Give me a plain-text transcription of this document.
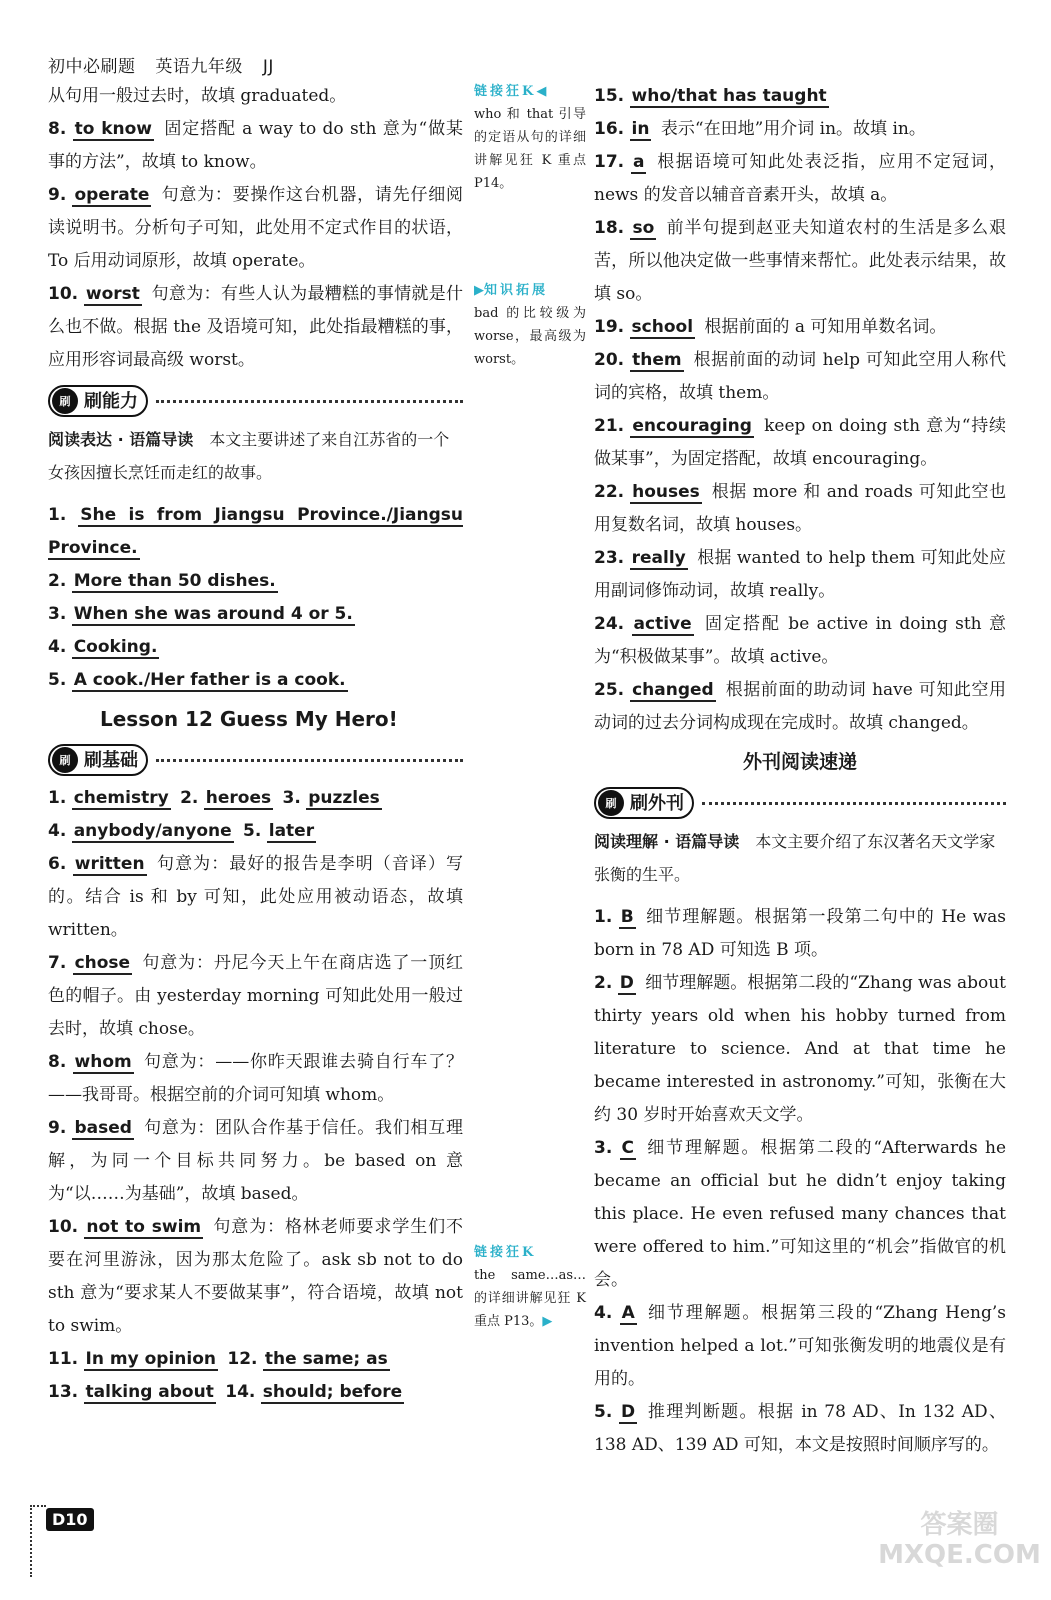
初中必刷题 英语九年级 JJ

从句用一般过去时，故填 graduated。

8. to know 固定搭配 a way to do sth 意为“做某事的方法”，故填 to know。

9. operate 句意为：要操作这台机器，请先仔细阅读说明书。分析句子可知，此处用不定式作目的状语，To 后用动词原形，故填 operate。

10. worst 句意为：有些人认为最糟糕的事情就是什么也不做。根据 the 及语境可知，此处指最糟糕的事，应用形容词最高级 worst。

刷 刷能力

阅读表达 · 语篇导读　 本文主要讲述了来自江苏省的一个女孩因擅长烹饪而走红的故事。

1. She is from Jiangsu Province./Jiangsu Province.

2. More than 50 dishes.

3. When she was around 4 or 5.

4. Cooking.

5. A cook./Her father is a cook.

Lesson 12 Guess My Hero!
刷 刷基础

1. chemistry 2. heroes 3. puzzles

4. anybody/anyone 5. later

6. written 句意为：最好的报告是李明（音译）写的。结合 is 和 by 可知，此处应用被动语态，故填 written。

7. chose 句意为：丹尼今天上午在商店选了一顶红色的帽子。由 yesterday morning 可知此处用一般过去时，故填 chose。

8. whom 句意为：——你昨天跟谁去骑自行车了？——我哥哥。根据空前的介词可知填 whom。

9. based 句意为：团队合作基于信任。我们相互理解，为同一个目标共同努力。be based on 意为“以……为基础”，故填 based。

10. not to swim 句意为：格林老师要求学生们不要在河里游泳，因为那太危险了。ask sb not to do sth 意为“要求某人不要做某事”，符合语境，故填 not to swim。

11. In my opinion 12. the same; as

13. talking about 14. should; before

链接狂K◀
who 和 that 引导的定语从句的详细讲解见狂 K 重点 P14。

▶知识拓展
bad 的比较级为 worse，最高级为 worst。

链接狂K
the same…as… 的详细讲解见狂 K 重点 P13。▶

15. who/that has taught

16. in 表示“在田地”用介词 in。故填 in。

17. a 根据语境可知此处表泛指，应用不定冠词，news 的发音以辅音音素开头，故填 a。

18. so 前半句提到赵亚夫知道农村的生活是多么艰苦，所以他决定做一些事情来帮忙。此处表示结果，故填 so。

19. school 根据前面的 a 可知用单数名词。

20. them 根据前面的动词 help 可知此空用人称代词的宾格，故填 them。

21. encouraging keep on doing sth 意为“持续做某事”，为固定搭配，故填 encouraging。

22. houses 根据 more 和 and roads 可知此空也用复数名词，故填 houses。

23. really 根据 wanted to help them 可知此处应用副词修饰动词，故填 really。

24. active 固定搭配 be active in doing sth 意为“积极做某事”。故填 active。

25. changed 根据前面的助动词 have 可知此空用动词的过去分词构成现在完成时。故填 changed。

外刊阅读速递
刷 刷外刊

阅读理解 · 语篇导读　 本文主要介绍了东汉著名天文学家张衡的生平。

1. B 细节理解题。根据第一段第二句中的 He was born in 78 AD 可知选 B 项。

2. D 细节理解题。根据第二段的“Zhang was about thirty years old when his hobby turned from literature to science. And at that time he became interested in astronomy.”可知，张衡在大约 30 岁时开始喜欢天文学。

3. C 细节理解题。根据第二段的“Afterwards he became an official but he didn’t enjoy taking this place. He even refused many chances that were offered to him.”可知这里的“机会”指做官的机会。

4. A 细节理解题。根据第三段的“Zhang Heng’s invention helped a lot.”可知张衡发明的地震仪是有用的。

5. D 推理判断题。根据 in 78 AD、In 132 AD、138 AD、139 AD 可知，本文是按照时间顺序写的。

D10	答案圈 MXQE.COM
